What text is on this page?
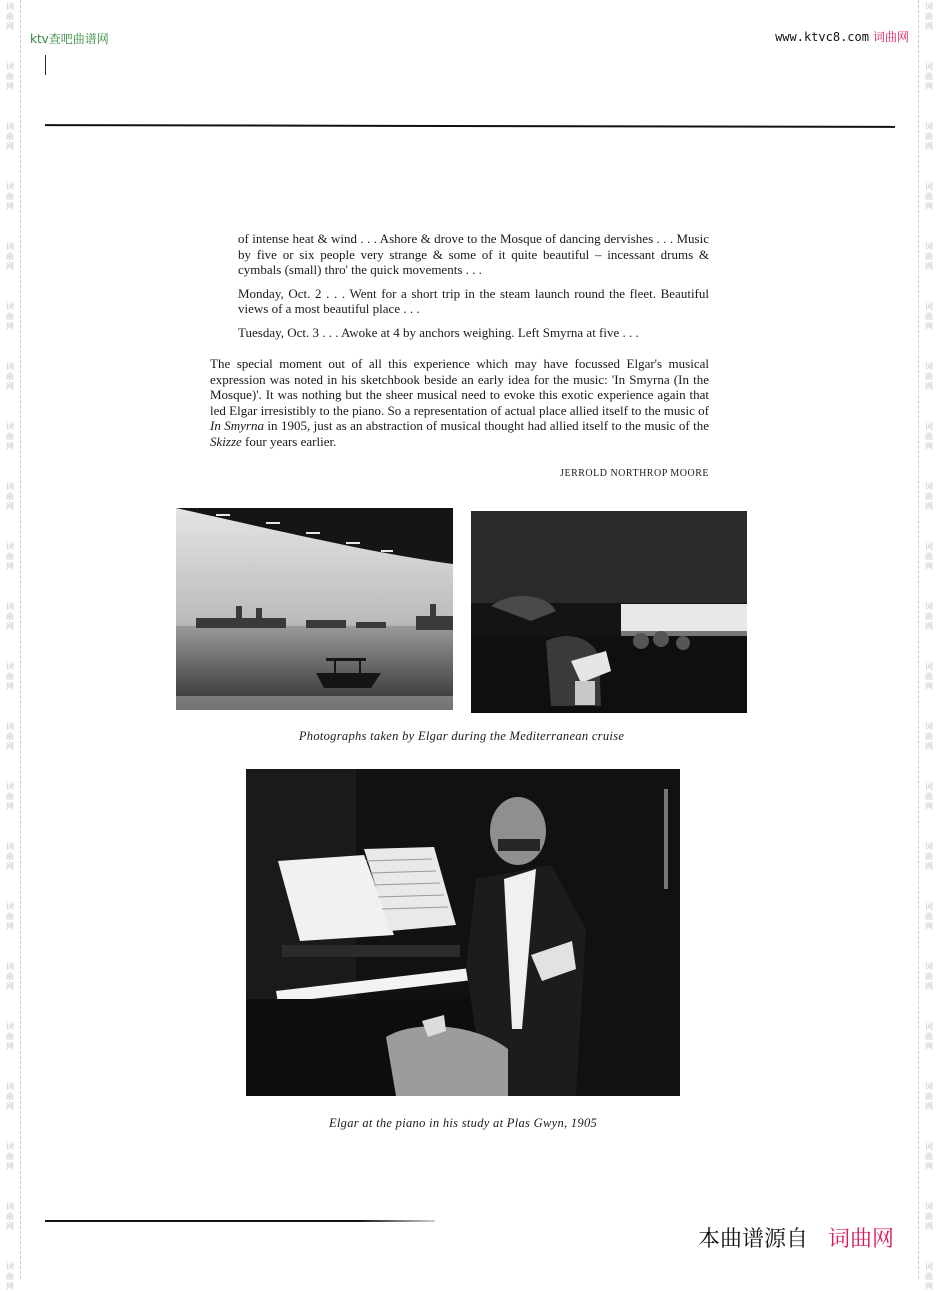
词
曲
网
词
曲
网
词
曲
网
词
曲
网
词
曲
网
词
曲
网
词
曲
网
词
曲
网
词
曲
网
词
曲
网
词
曲
网
词
曲
网
词
曲
网
词
曲
网
词
曲
网
词
曲
网
词
曲
网
词
曲
网
词
曲
网
词
曲
网
词
曲
网
词
曲
网
词
曲
网
词
曲
网
词
曲
网
词
曲
网
词
曲
网
词
曲
网
词
曲
网
词
曲
网
词
曲
网
词
曲
网
词
曲
网
词
曲
网
词
曲
网
词
曲
网
词
曲
网
词
曲
网
词
曲
网
词
曲
网
词
曲
网
词
曲
网
词
曲
网
词
曲
网
ktv查吧曲谱网	www.ktvc8.com 词曲网

of intense heat & wind . . . Ashore & drove to the Mosque of dancing dervishes . . . Music by five or six people very strange & some of it quite beautiful – incessant drums & cymbals (small) thro' the quick movements . . .

Monday, Oct. 2 . . . Went for a short trip in the steam launch round the fleet. Beautiful views of a most beautiful place . . .

Tuesday, Oct. 3 . . . Awoke at 4 by anchors weighing. Left Smyrna at five . . .

The special moment out of all this experience which may have focussed Elgar's musical expression was noted in his sketchbook beside an early idea for the music: 'In Smyrna (In the Mosque)'. It was nothing but the sheer musical need to evoke this exotic experience again that led Elgar irresistibly to the piano. So a representation of actual place allied itself to the music of In Smyrna in 1905, just as an abstraction of musical thought had allied itself to the music of the Skizze four years earlier.

JERROLD NORTHROP MOORE
Photographs taken by Elgar during the Mediterranean cruise
Elgar at the piano in his study at Plas Gwyn, 1905
本曲谱源自 词曲网
